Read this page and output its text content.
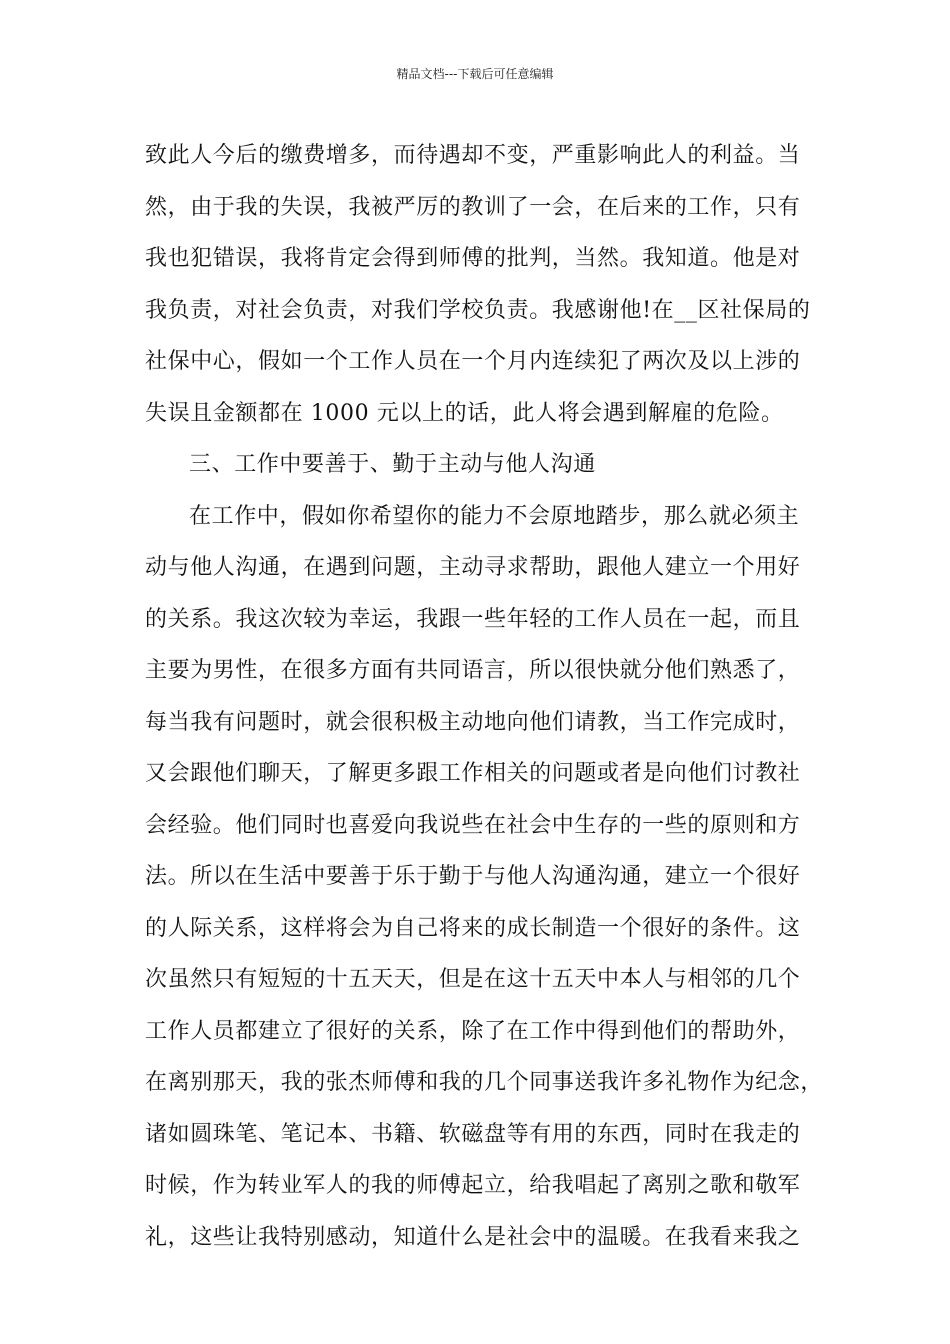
精品文档---下载后可任意编辑
致此人今后的缴费增多，而待遇却不变，严重影响此人的利益。当
然，由于我的失误，我被严厉的教训了一会，在后来的工作，只有
我也犯错误，我将肯定会得到师傅的批判，当然。我知道。他是对
我负责，对社会负责，对我们学校负责。我感谢他!在__区社保局的
社保中心，假如一个工作人员在一个月内连续犯了两次及以上涉的
失误且金额都在 1000 元以上的话，此人将会遇到解雇的危险。
三、工作中要善于、勤于主动与他人沟通
在工作中，假如你希望你的能力不会原地踏步，那么就必须主
动与他人沟通，在遇到问题，主动寻求帮助，跟他人建立一个用好
的关系。我这次较为幸运，我跟一些年轻的工作人员在一起，而且
主要为男性，在很多方面有共同语言，所以很快就分他们熟悉了，
每当我有问题时，就会很积极主动地向他们请教，当工作完成时，
又会跟他们聊天，了解更多跟工作相关的问题或者是向他们讨教社
会经验。他们同时也喜爱向我说些在社会中生存的一些的原则和方
法。所以在生活中要善于乐于勤于与他人沟通沟通，建立一个很好
的人际关系，这样将会为自己将来的成长制造一个很好的条件。这
次虽然只有短短的十五天天，但是在这十五天中本人与相邻的几个
工作人员都建立了很好的关系，除了在工作中得到他们的帮助外，
在离别那天，我的张杰师傅和我的几个同事送我许多礼物作为纪念，
诸如圆珠笔、笔记本、书籍、软磁盘等有用的东西，同时在我走的
时候，作为转业军人的我的师傅起立，给我唱起了离别之歌和敬军
礼，这些让我特别感动，知道什么是社会中的温暖。在我看来我之
